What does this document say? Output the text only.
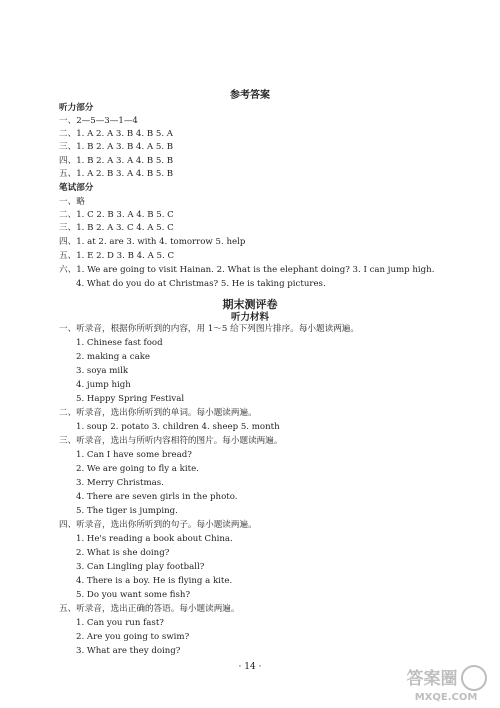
参考答案
听力部分
一、2—5—3—1—4
二、1. A 2. A 3. B 4. B 5. A
三、1. B 2. A 3. B 4. A 5. B
四、1. B 2. A 3. A 4. B 5. B
五、1. A 2. B 3. A 4. B 5. B
笔试部分
一、略
二、1. C 2. B 3. A 4. B 5. C
三、1. B 2. A 3. C 4. A 5. C
四、1. at 2. are 3. with 4. tomorrow 5. help
五、1. E 2. D 3. B 4. A 5. C
六、1. We are going to visit Hainan. 2. What is the elephant doing? 3. I can jump high.
4. What do you do at Christmas? 5. He is taking pictures.
期末测评卷
听力材料
一、听录音，根据你所听到的内容，用 1～5 给下列图片排序。每小题读两遍。
1. Chinese fast food
2. making a cake
3. soya milk
4. jump high
5. Happy Spring Festival
二、听录音，选出你所听到的单词。每小题读两遍。
1. soup 2. potato 3. children 4. sheep 5. month
三、听录音，选出与所听内容相符的图片。每小题读两遍。
1. Can I have some bread?
2. We are going to fly a kite.
3. Merry Christmas.
4. There are seven girls in the photo.
5. The tiger is jumping.
四、听录音，选出你所听到的句子。每小题读两遍。
1. He's reading a book about China.
2. What is she doing?
3. Can Lingling play football?
4. There is a boy. He is flying a kite.
5. Do you want some fish?
五、听录音，选出正确的答语。每小题读两遍。
1. Can you run fast?
2. Are you going to swim?
3. What are they doing?
· 14 ·
答案圈
MXQE.COM
